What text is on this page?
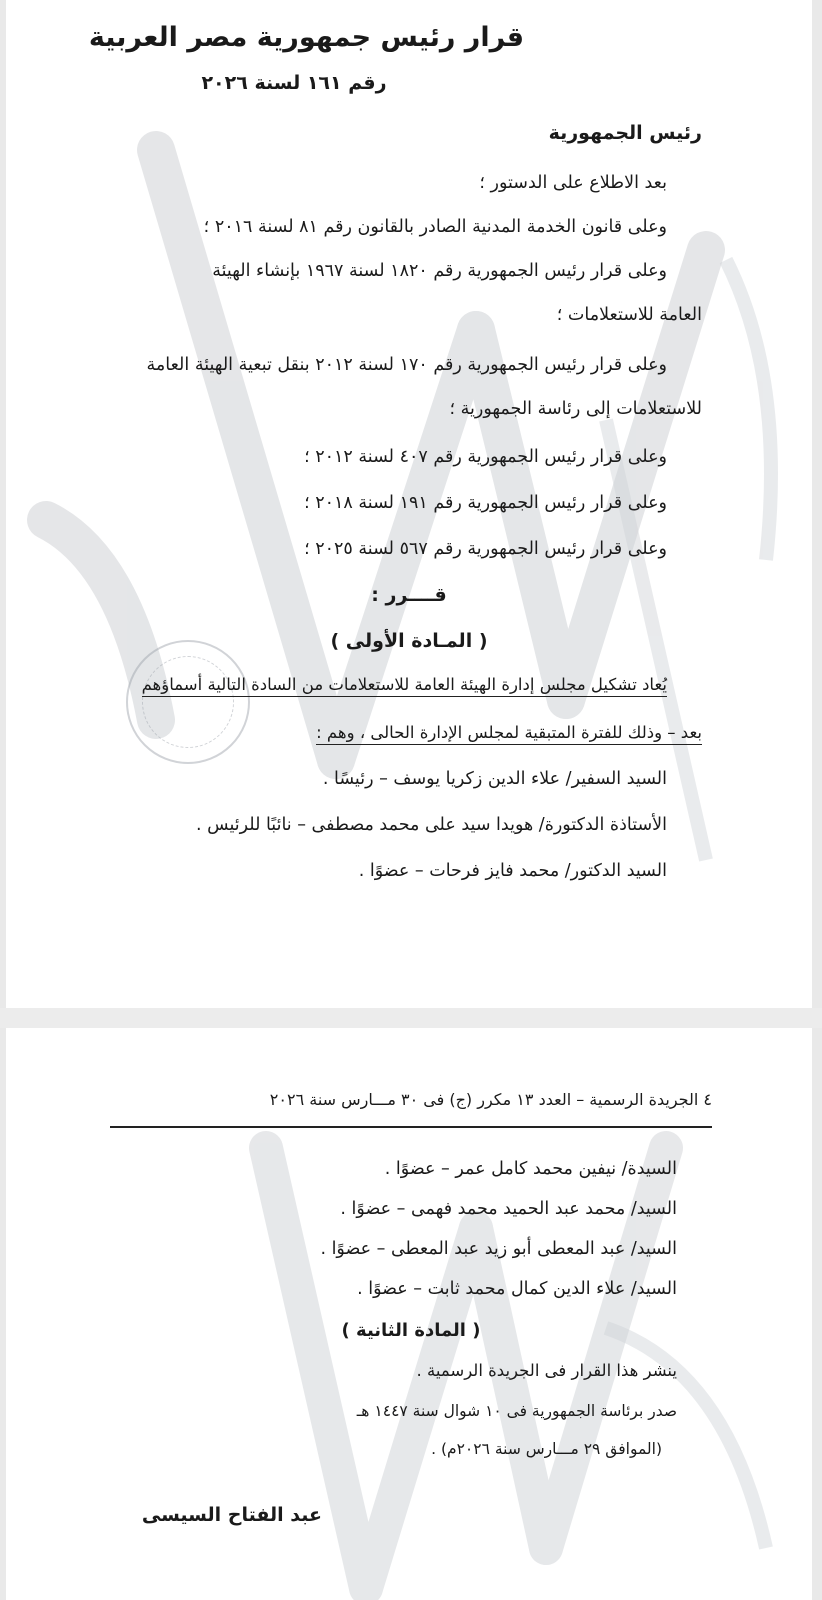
قرار رئيس جمهورية مصر العربية
رقم ١٦١ لسنة ٢٠٢٦
رئيس الجمهورية
بعد الاطلاع على الدستور ؛
وعلى قانون الخدمة المدنية الصادر بالقانون رقم ٨١ لسنة ٢٠١٦ ؛
وعلى قرار رئيس الجمهورية رقم ١٨٢٠ لسنة ١٩٦٧ بإنشاء الهيئة
العامة للاستعلامات ؛
وعلى قرار رئيس الجمهورية رقم ١٧٠ لسنة ٢٠١٢ بنقل تبعية الهيئة العامة
للاستعلامات إلى رئاسة الجمهورية ؛
وعلى قرار رئيس الجمهورية رقم ٤٠٧ لسنة ٢٠١٢ ؛
وعلى قرار رئيس الجمهورية رقم ١٩١ لسنة ٢٠١٨ ؛
وعلى قرار رئيس الجمهورية رقم ٥٦٧ لسنة ٢٠٢٥ ؛
قــــرر :
( المـادة الأولى )
يُعاد تشكيل مجلس إدارة الهيئة العامة للاستعلامات من السادة التالية أسماؤهم
بعد – وذلك للفترة المتبقية لمجلس الإدارة الحالى ، وهم :
السيد السفير/ علاء الدين زكريا يوسف – رئيسًا .
الأستاذة الدكتورة/ هويدا سيد على محمد مصطفى – نائبًا للرئيس .
السيد الدكتور/ محمد فايز فرحات – عضوًا .
٤ الجريدة الرسمية – العدد ١٣ مكرر (ج) فى ٣٠ مـــارس سنة ٢٠٢٦
السيدة/ نيفين محمد كامل عمر – عضوًا .
السيد/ محمد عبد الحميد محمد فهمى – عضوًا .
السيد/ عبد المعطى أبو زيد عبد المعطى – عضوًا .
السيد/ علاء الدين كمال محمد ثابت – عضوًا .
( المادة الثانية )
ينشر هذا القرار فى الجريدة الرسمية .
صدر برئاسة الجمهورية فى ١٠ شوال سنة ١٤٤٧ هـ
(الموافق ٢٩ مـــارس سنة ٢٠٢٦م) .
عبد الفتاح السيسى
